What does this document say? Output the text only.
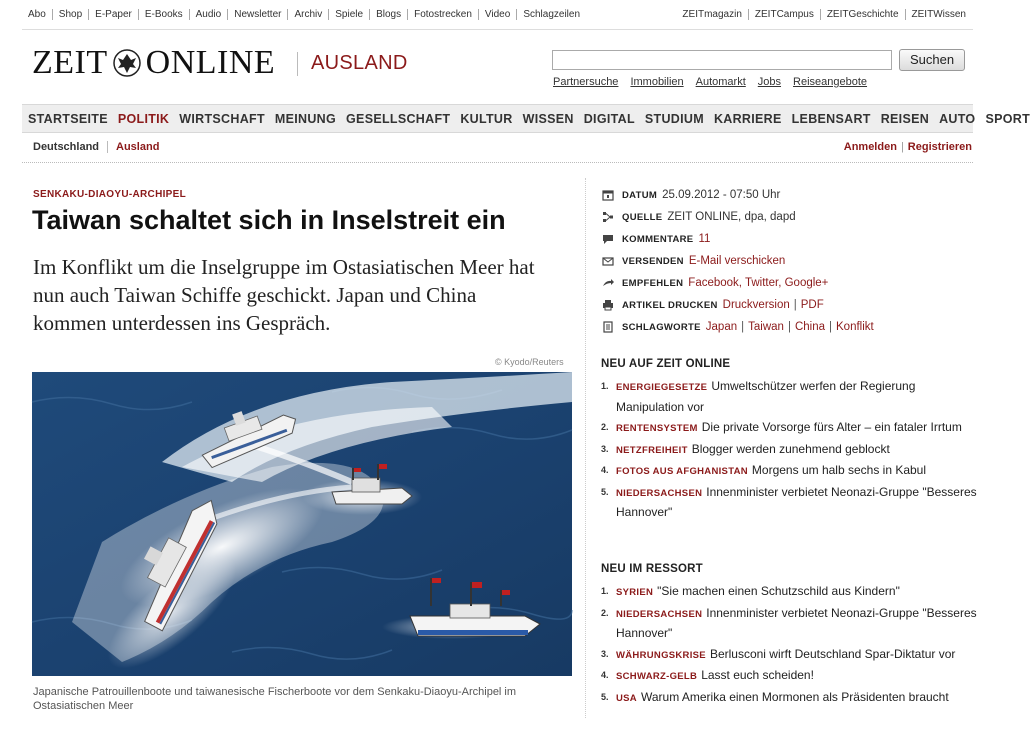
Abo	Shop	E-Paper	E-Books	Audio	Newsletter	Archiv	Spiele	Blogs	Fotostrecken	Video	Schlagzeilen	ZEITmagazin	ZEITCampus	ZEITGeschichte	ZEITWissen
ZEIT ONLINE AUSLAND	Suchen
Partnersuche Immobilien Automarkt Jobs Reiseangebote
STARTSEITE POLITIK WIRTSCHAFT MEINUNG GESELLSCHAFT KULTUR WISSEN DIGITAL STUDIUM KARRIERE LEBENSART REISEN AUTO SPORT
Deutschland	Ausland	Anmelden | Registrieren
SENKAKU-DIAOYU-ARCHIPEL
Taiwan schaltet sich in Inselstreit ein

Im Konflikt um die Inselgruppe im Ostasiatischen Meer hat nun auch Taiwan Schiffe geschickt. Japan und China kommen unterdessen ins Gespräch.

© Kyodo/Reuters

Japanische Patrouillenboote und taiwanesische Fischerboote vor dem Senkaku-Diaoyu-Archipel im Ostasiatischen Meer

DATUM 25.09.2012 - 07:50 Uhr
QUELLE ZEIT ONLINE, dpa, dapd
KOMMENTARE 11
VERSENDEN E-Mail verschicken
EMPFEHLEN Facebook, Twitter, Google+
ARTIKEL DRUCKEN Druckversion | PDF
SCHLAGWORTE Japan | Taiwan | China | Konflikt
NEU AUF ZEIT ONLINE
1. ENERGIEGESETZE Umweltschützer werfen der Regierung Manipulation vor
2. RENTENSYSTEM Die private Vorsorge fürs Alter – ein fataler Irrtum
3. NETZFREIHEIT Blogger werden zunehmend geblockt
4. FOTOS AUS AFGHANISTAN Morgens um halb sechs in Kabul
5. NIEDERSACHSEN Innenminister verbietet Neonazi-Gruppe "Besseres Hannover"
NEU IM RESSORT
1. SYRIEN "Sie machen einen Schutzschild aus Kindern"
2. NIEDERSACHSEN Innenminister verbietet Neonazi-Gruppe "Besseres Hannover"
3. WÄHRUNGSKRISE Berlusconi wirft Deutschland Spar-Diktatur vor
4. SCHWARZ-GELB Lasst euch scheiden!
5. USA Warum Amerika einen Mormonen als Präsidenten braucht
